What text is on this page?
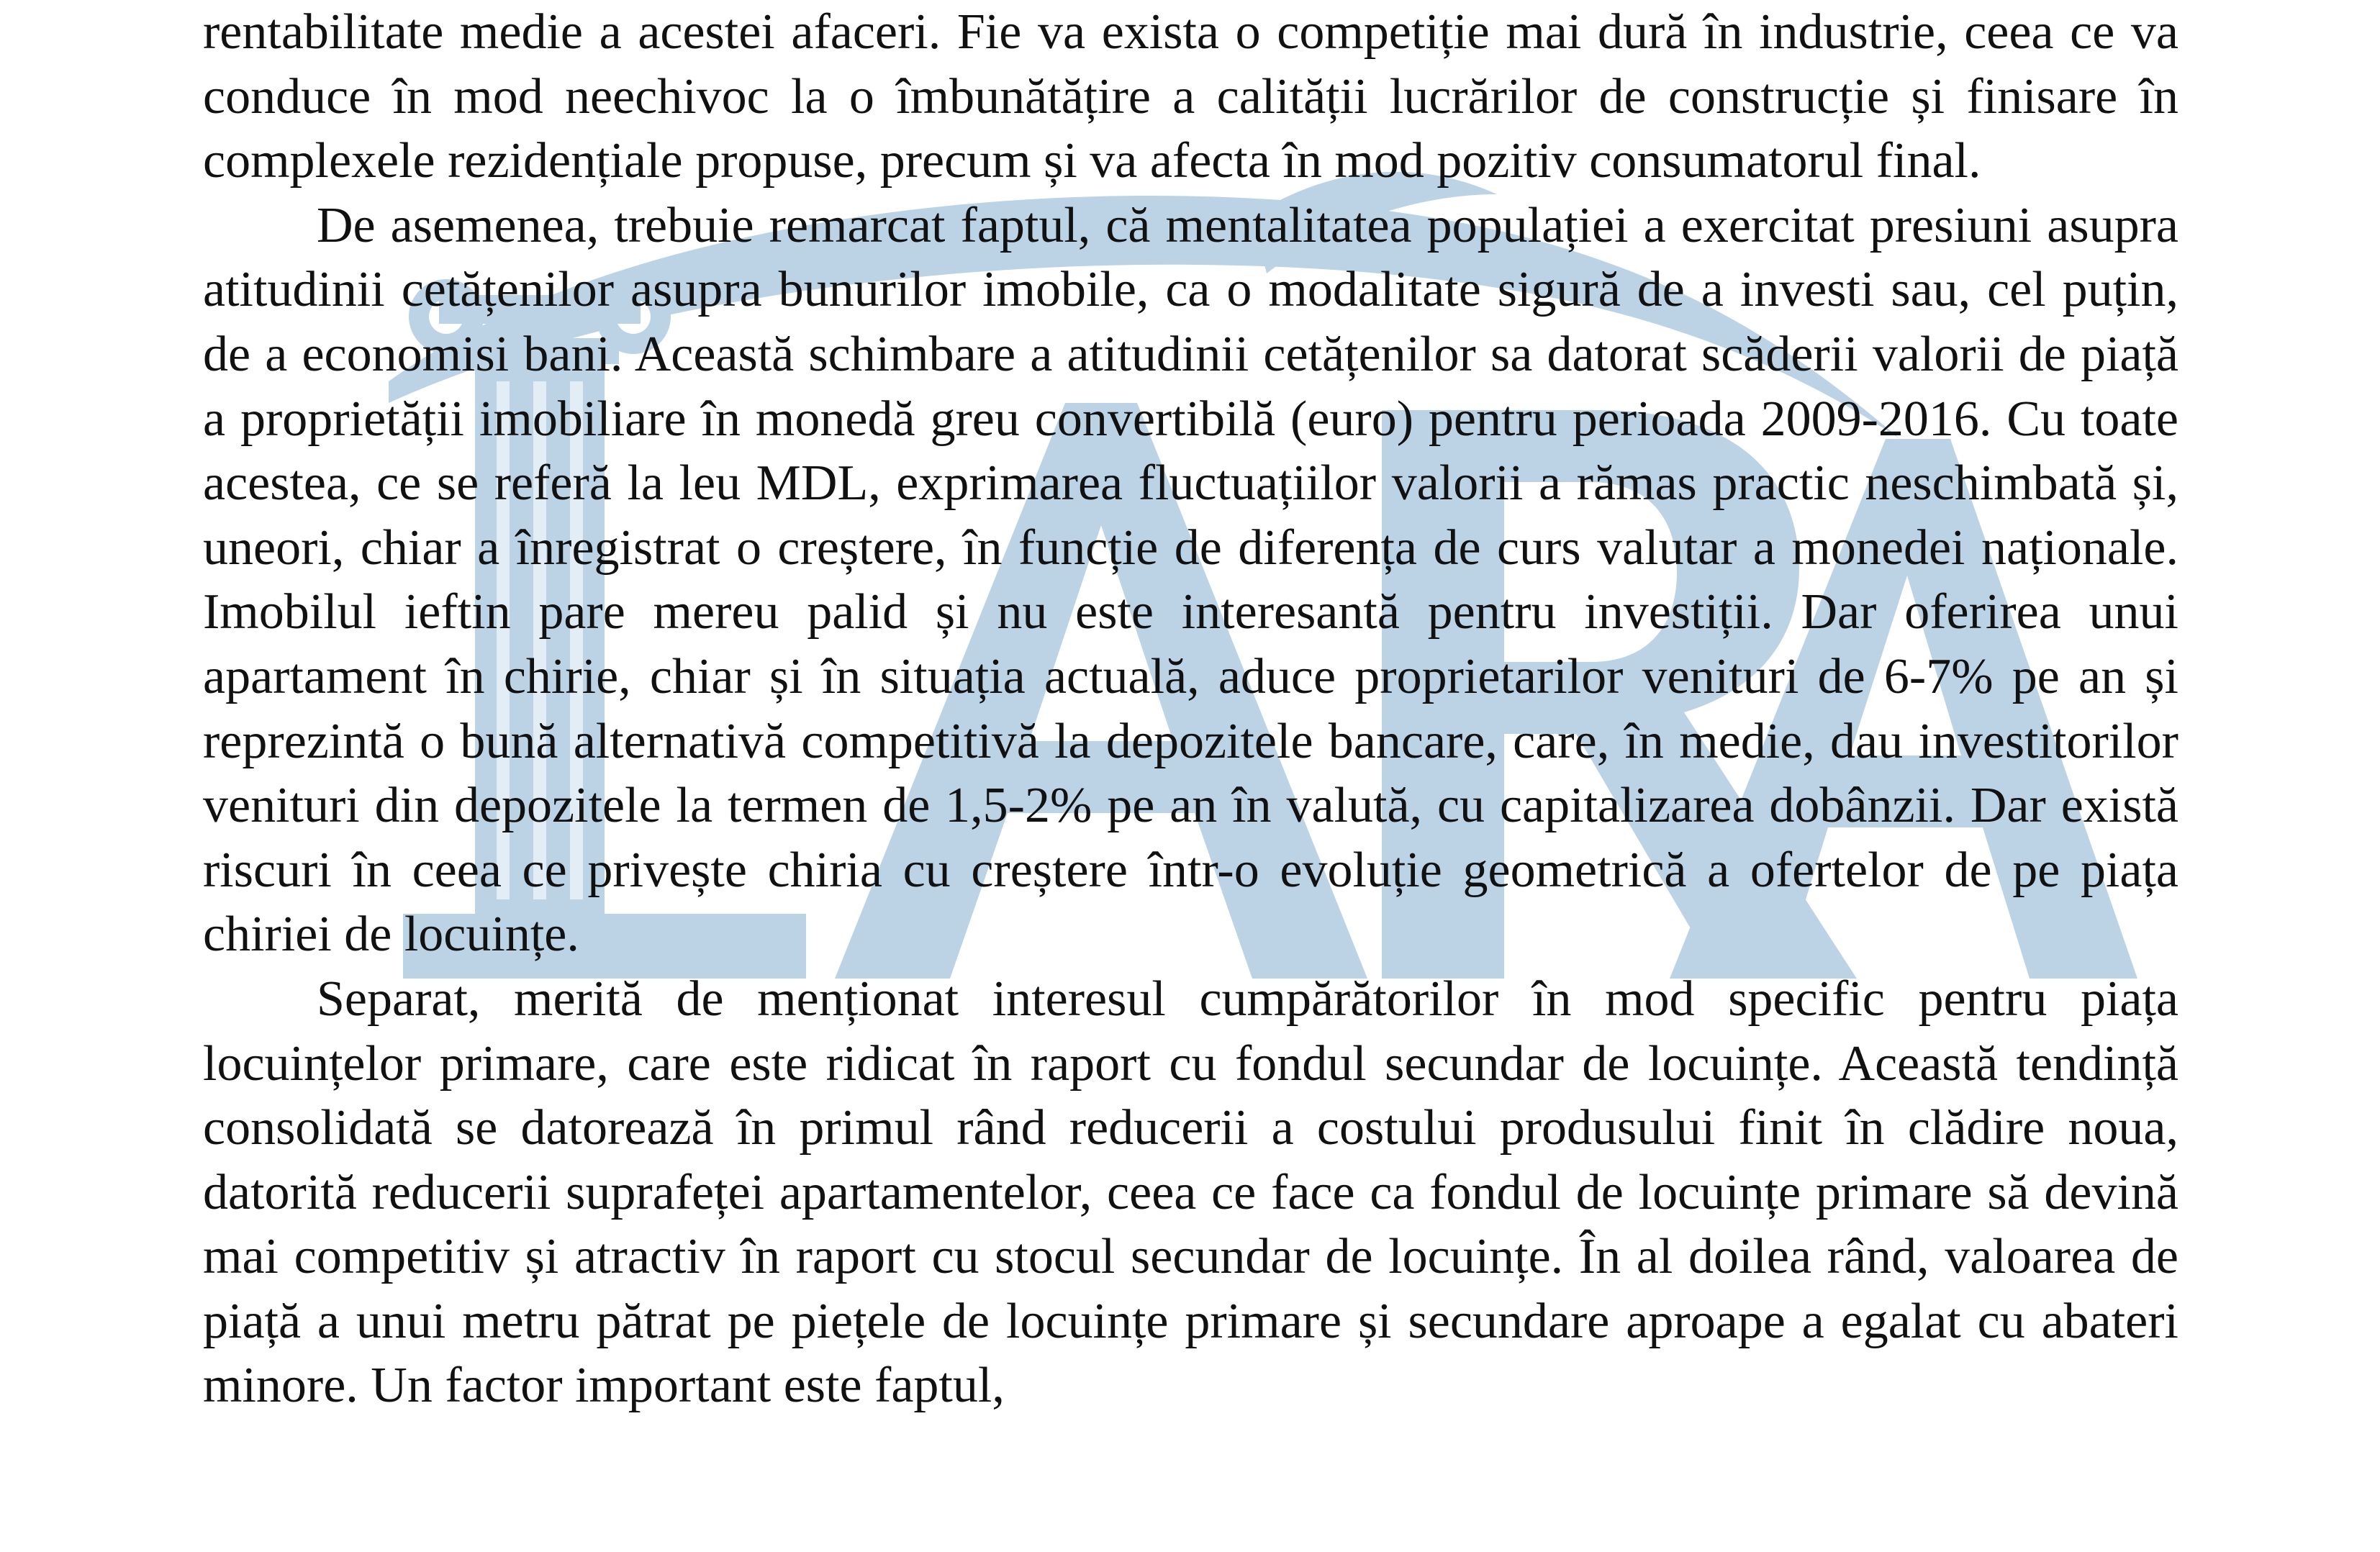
rentabilitate medie a acestei afaceri. Fie va exista o competiție mai dură în industrie, ceea ce va conduce în mod neechivoc la o îmbunătățire a calității lucrărilor de construcție și finisare în complexele rezidențiale propuse, precum și va afecta în mod pozitiv consumatorul final.

De asemenea, trebuie remarcat faptul, că mentalitatea populației a exercitat presiuni asupra atitudinii cetățenilor asupra bunurilor imobile, ca o modalitate sigură de a investi sau, cel puțin, de a economisi bani. Această schimbare a atitudinii cetățenilor sa datorat scăderii valorii de piață a proprietății imobiliare în monedă greu convertibilă (euro) pentru perioada 2009-2016. Cu toate acestea, ce se referă la leu MDL, exprimarea fluctuațiilor valorii a rămas practic neschimbată și, uneori, chiar a înregistrat o creștere, în funcție de diferența de curs valutar a monedei naționale. Imobilul ieftin pare mereu palid și nu este interesantă pentru investiții. Dar oferirea unui apartament în chirie, chiar și în situația actuală, aduce proprietarilor venituri de 6-7% pe an și reprezintă o bună alternativă competitivă la depozitele bancare, care, în medie, dau investitorilor venituri din depozitele la termen de 1,5-2% pe an în valută, cu capitalizarea dobânzii. Dar există riscuri în ceea ce privește chiria cu creștere într-o evoluție geometrică a ofertelor de pe piața chiriei de locuințe.

Separat, merită de menționat interesul cumpărătorilor în mod specific pentru piața locuințelor primare, care este ridicat în raport cu fondul secundar de locuințe. Această tendință consolidată se datorează în primul rând reducerii a costului produsului finit în clădire noua, datorită reducerii suprafeței apartamentelor, ceea ce face ca fondul de locuințe primare să devină mai competitiv și atractiv în raport cu stocul secundar de locuințe. În al doilea rând, valoarea de piață a unui metru pătrat pe piețele de locuințe primare și secundare aproape a egalat cu abateri minore. Un factor important este faptul,
